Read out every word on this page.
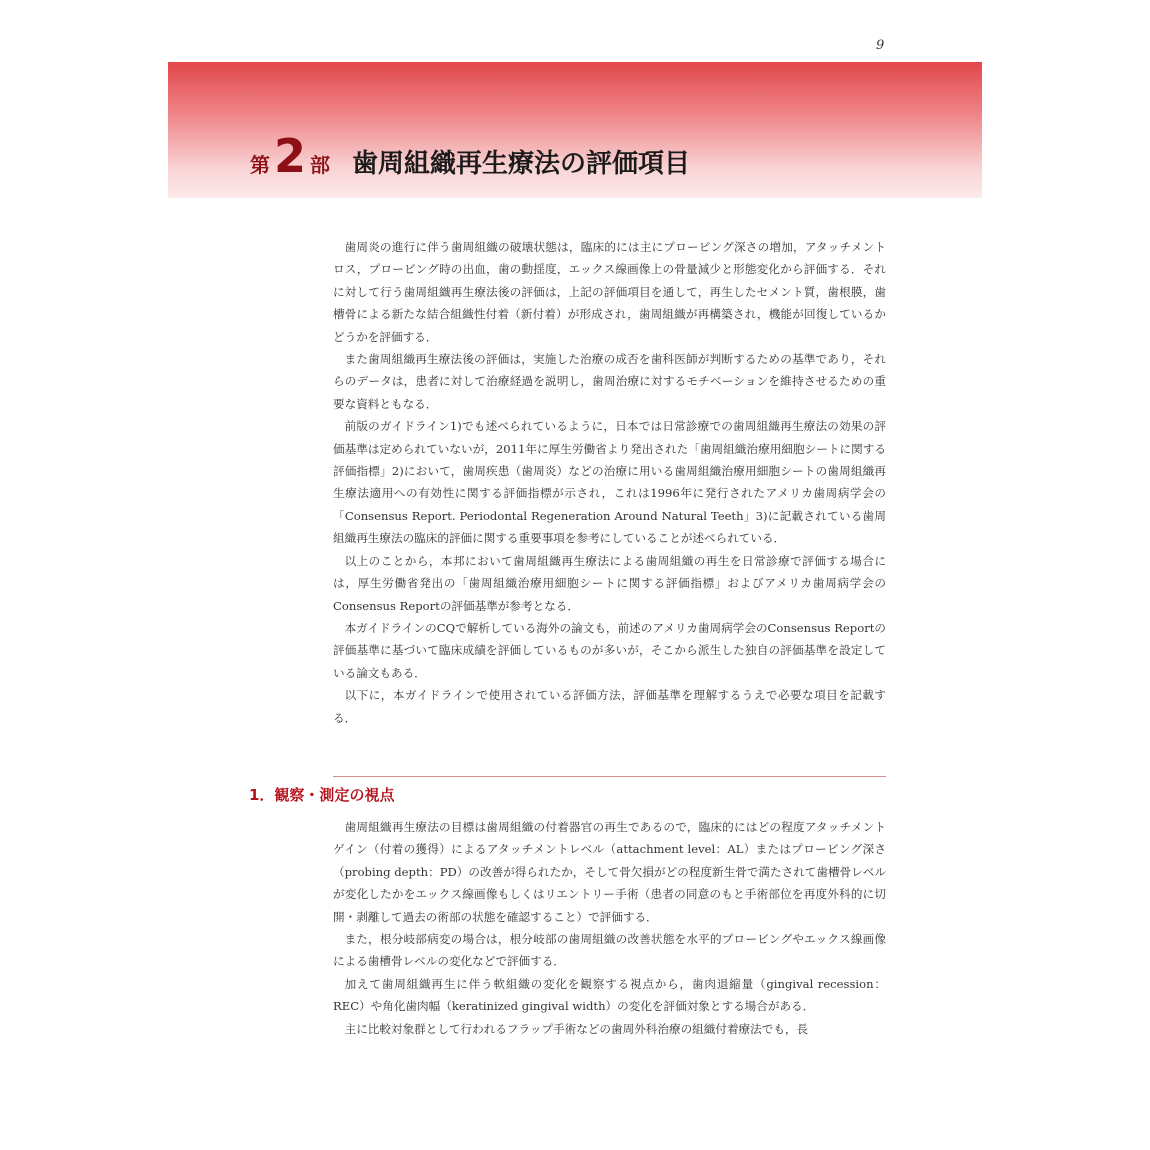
9
第 2 部 歯周組織再生療法の評価項目

歯周炎の進行に伴う歯周組織の破壊状態は，臨床的には主にプロービング深さの増加，アタッチメントロス，プロービング時の出血，歯の動揺度，エックス線画像上の骨量減少と形態変化から評価する．それに対して行う歯周組織再生療法後の評価は，上記の評価項目を通して，再生したセメント質，歯根膜，歯槽骨による新たな結合組織性付着（新付着）が形成され，歯周組織が再構築され，機能が回復しているかどうかを評価する．

また歯周組織再生療法後の評価は，実施した治療の成否を歯科医師が判断するための基準であり，それらのデータは，患者に対して治療経過を説明し，歯周治療に対するモチベーションを維持させるための重要な資料ともなる．

前版のガイドライン1)でも述べられているように，日本では日常診療での歯周組織再生療法の効果の評価基準は定められていないが，2011年に厚生労働省より発出された「歯周組織治療用細胞シートに関する評価指標」2)において，歯周疾患（歯周炎）などの治療に用いる歯周組織治療用細胞シートの歯周組織再生療法適用への有効性に関する評価指標が示され，これは1996年に発行されたアメリカ歯周病学会の「Consensus Report. Periodontal Regeneration Around Natural Teeth」3)に記載されている歯周組織再生療法の臨床的評価に関する重要事項を参考にしていることが述べられている．

以上のことから，本邦において歯周組織再生療法による歯周組織の再生を日常診療で評価する場合には，厚生労働省発出の「歯周組織治療用細胞シートに関する評価指標」およびアメリカ歯周病学会のConsensus Reportの評価基準が参考となる．

本ガイドラインのCQで解析している海外の論文も，前述のアメリカ歯周病学会のConsensus Reportの評価基準に基づいて臨床成績を評価しているものが多いが，そこから派生した独自の評価基準を設定している論文もある．

以下に，本ガイドラインで使用されている評価方法，評価基準を理解するうえで必要な項目を記載する．

1．観察・測定の視点

歯周組織再生療法の目標は歯周組織の付着器官の再生であるので，臨床的にはどの程度アタッチメントゲイン（付着の獲得）によるアタッチメントレベル（attachment level：AL）またはプロービング深さ（probing depth：PD）の改善が得られたか，そして骨欠損がどの程度新生骨で満たされて歯槽骨レベルが変化したかをエックス線画像もしくはリエントリー手術（患者の同意のもと手術部位を再度外科的に切開・剥離して過去の術部の状態を確認すること）で評価する．

また，根分岐部病変の場合は，根分岐部の歯周組織の改善状態を水平的プロービングやエックス線画像による歯槽骨レベルの変化などで評価する．

加えて歯周組織再生に伴う軟組織の変化を観察する視点から，歯肉退縮量（gingival recession：REC）や角化歯肉幅（keratinized gingival width）の変化を評価対象とする場合がある．

主に比較対象群として行われるフラップ手術などの歯周外科治療の組織付着療法でも，長
